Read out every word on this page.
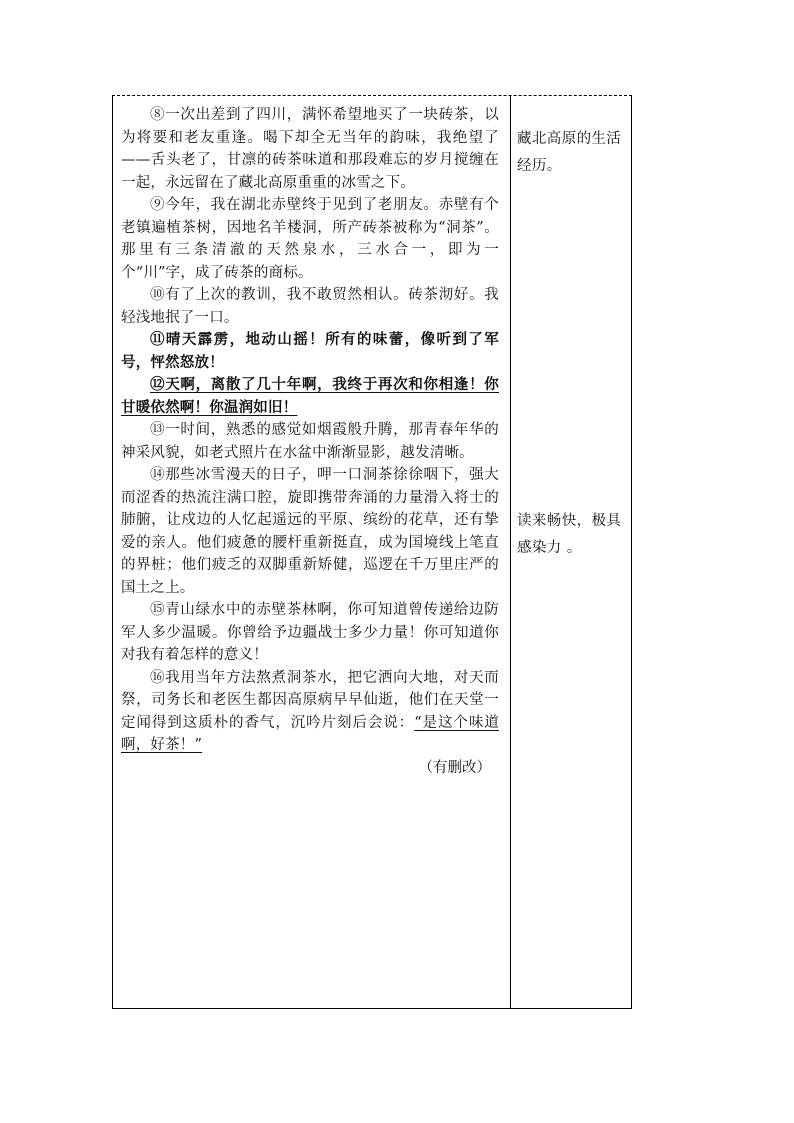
⑧一次出差到了四川，满怀希望地买了一块砖茶，以为将要和老友重逢。喝下却全无当年的韵味，我绝望了——舌头老了，甘凛的砖茶味道和那段难忘的岁月搅缠在一起，永远留在了藏北高原重重的冰雪之下。

⑨今年，我在湖北赤壁终于见到了老朋友。赤壁有个老镇遍植茶树，因地名羊楼洞，所产砖茶被称为“洞茶”。那里有三条清澈的天然泉水，三水合一，即为一个“川”字，成了砖茶的商标。

⑩有了上次的教训，我不敢贸然相认。砖茶沏好。我轻浅地抿了一口。

⑪晴天霹雳，地动山摇！所有的味蕾，像听到了军号，怦然怒放！

⑫天啊，离散了几十年啊，我终于再次和你相逢！你甘暖依然啊！你温润如旧！

⑬一时间，熟悉的感觉如烟霞般升腾，那青春年华的神采风貌，如老式照片在水盆中渐渐显影，越发清晰。

⑭那些冰雪漫天的日子，呷一口洞茶徐徐咽下，强大而涩香的热流注满口腔，旋即携带奔涌的力量滑入将士的肺腑，让戍边的人忆起遥远的平原、缤纷的花草，还有挚爱的亲人。他们疲惫的腰杆重新挺直，成为国境线上笔直的界桩；他们疲乏的双脚重新矫健，巡逻在千万里庄严的国土之上。

⑮青山绿水中的赤壁茶林啊，你可知道曾传递给边防军人多少温暖。你曾给予边疆战士多少力量！你可知道你对我有着怎样的意义！

⑯我用当年方法熬煮洞茶水，把它洒向大地，对天而祭，司务长和老医生都因高原病早早仙逝，他们在天堂一定闻得到这质朴的香气，沉吟片刻后会说：“是这个味道啊，好茶！”

（有删改）

藏北高原的生活经历。

读来畅快，极具感染力 。
